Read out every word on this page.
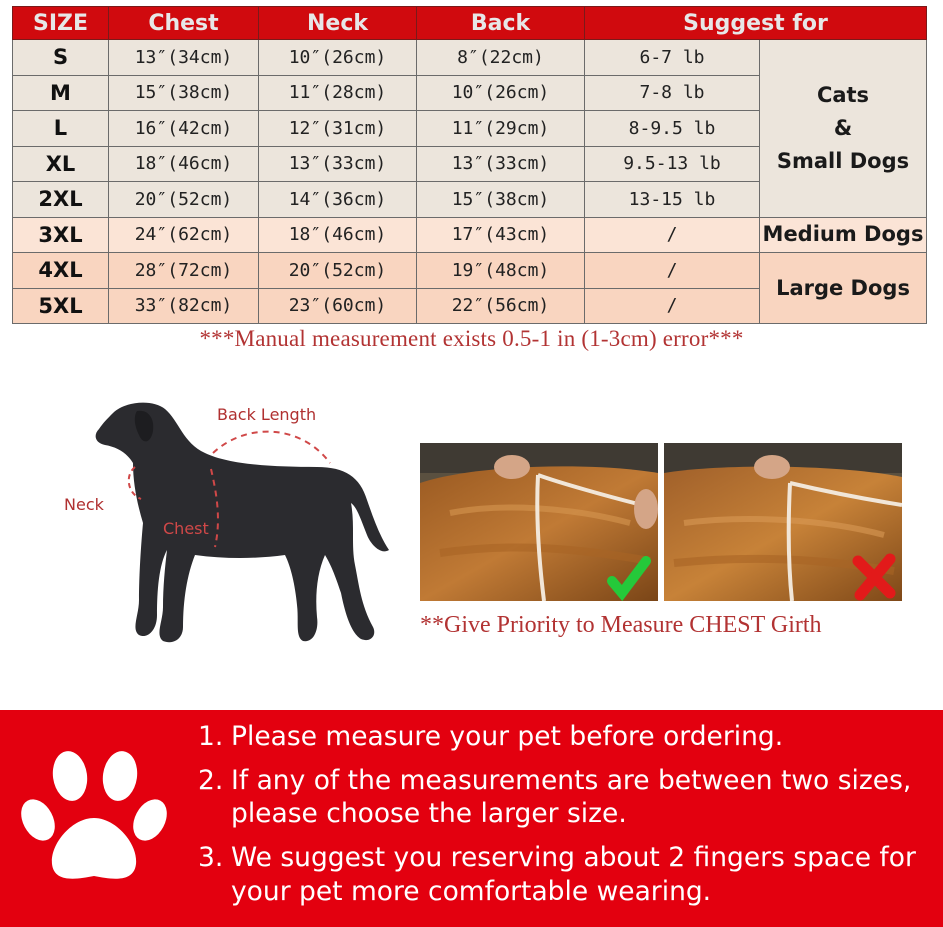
SIZE	Chest	Neck	Back	Suggest for	
S	13″(34cm)	10″(26cm)	8″(22cm)	6-7 lb	Cats
&
Small Dogs

M	15″(38cm)	11″(28cm)	10″(26cm)	7-8 lb	
L	16″(42cm)	12″(31cm)	11″(29cm)	8-9.5 lb	
XL	18″(46cm)	13″(33cm)	13″(33cm)	9.5-13 lb	
2XL	20″(52cm)	14″(36cm)	15″(38cm)	13-15 lb	
3XL	24″(62cm)	18″(46cm)	17″(43cm)	/	Medium Dogs
4XL	28″(72cm)	20″(52cm)	19″(48cm)	/	Large Dogs
5XL	33″(82cm)	23″(60cm)	22″(56cm)	/	
***Manual measurement exists 0.5-1 in (1-3cm) error***
Back Length
Neck
Chest
**Give Priority to Measure CHEST Girth
1. Please measure your pet before ordering.
2. If any of the measurements are between two sizes, please choose the larger size.
3. We suggest you reserving about 2 fingers space for your pet more comfortable wearing.
